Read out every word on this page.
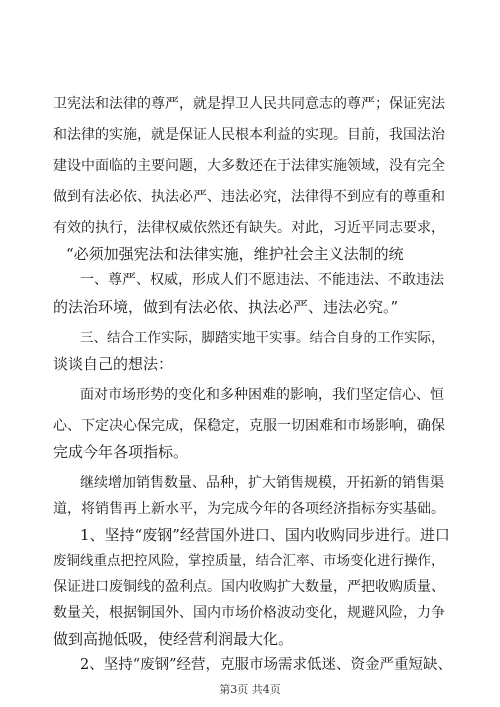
卫宪法和法律的尊严，就是捍卫人民共同意志的尊严；保证宪法
和法律的实施，就是保证人民根本利益的实现。目前，我国法治
建设中面临的主要问题，大多数还在于法律实施领域，没有完全
做到有法必依、执法必严、违法必究，法律得不到应有的尊重和
有效的执行，法律权威依然还有缺失。对此，习近平同志要求，
“必须加强宪法和法律实施，维护社会主义法制的统
一、尊严、权威，形成人们不愿违法、不能违法、不敢违法
的法治环境，做到有法必依、执法必严、违法必究。”
三、结合工作实际，脚踏实地干实事。结合自身的工作实际，
谈谈自己的想法：
面对市场形势的变化和多种困难的影响，我们坚定信心、恒
心、下定决心保完成，保稳定，克服一切困难和市场影响，确保
完成今年各项指标。
继续增加销售数量、品种，扩大销售规模，开拓新的销售渠
道，将销售再上新水平，为完成今年的各项经济指标夯实基础。
1、坚持“废钢”经营国外进口、国内收购同步进行。进口
废铜线重点把控风险，掌控质量，结合汇率、市场变化进行操作，
保证进口废铜线的盈利点。国内收购扩大数量，严把收购质量、
数量关，根据铜国外、国内市场价格波动变化，规避风险，力争
做到高抛低吸，使经营利润最大化。
2、坚持“废钢”经营，克服市场需求低迷、资金严重短缺、
第3页 共4页
